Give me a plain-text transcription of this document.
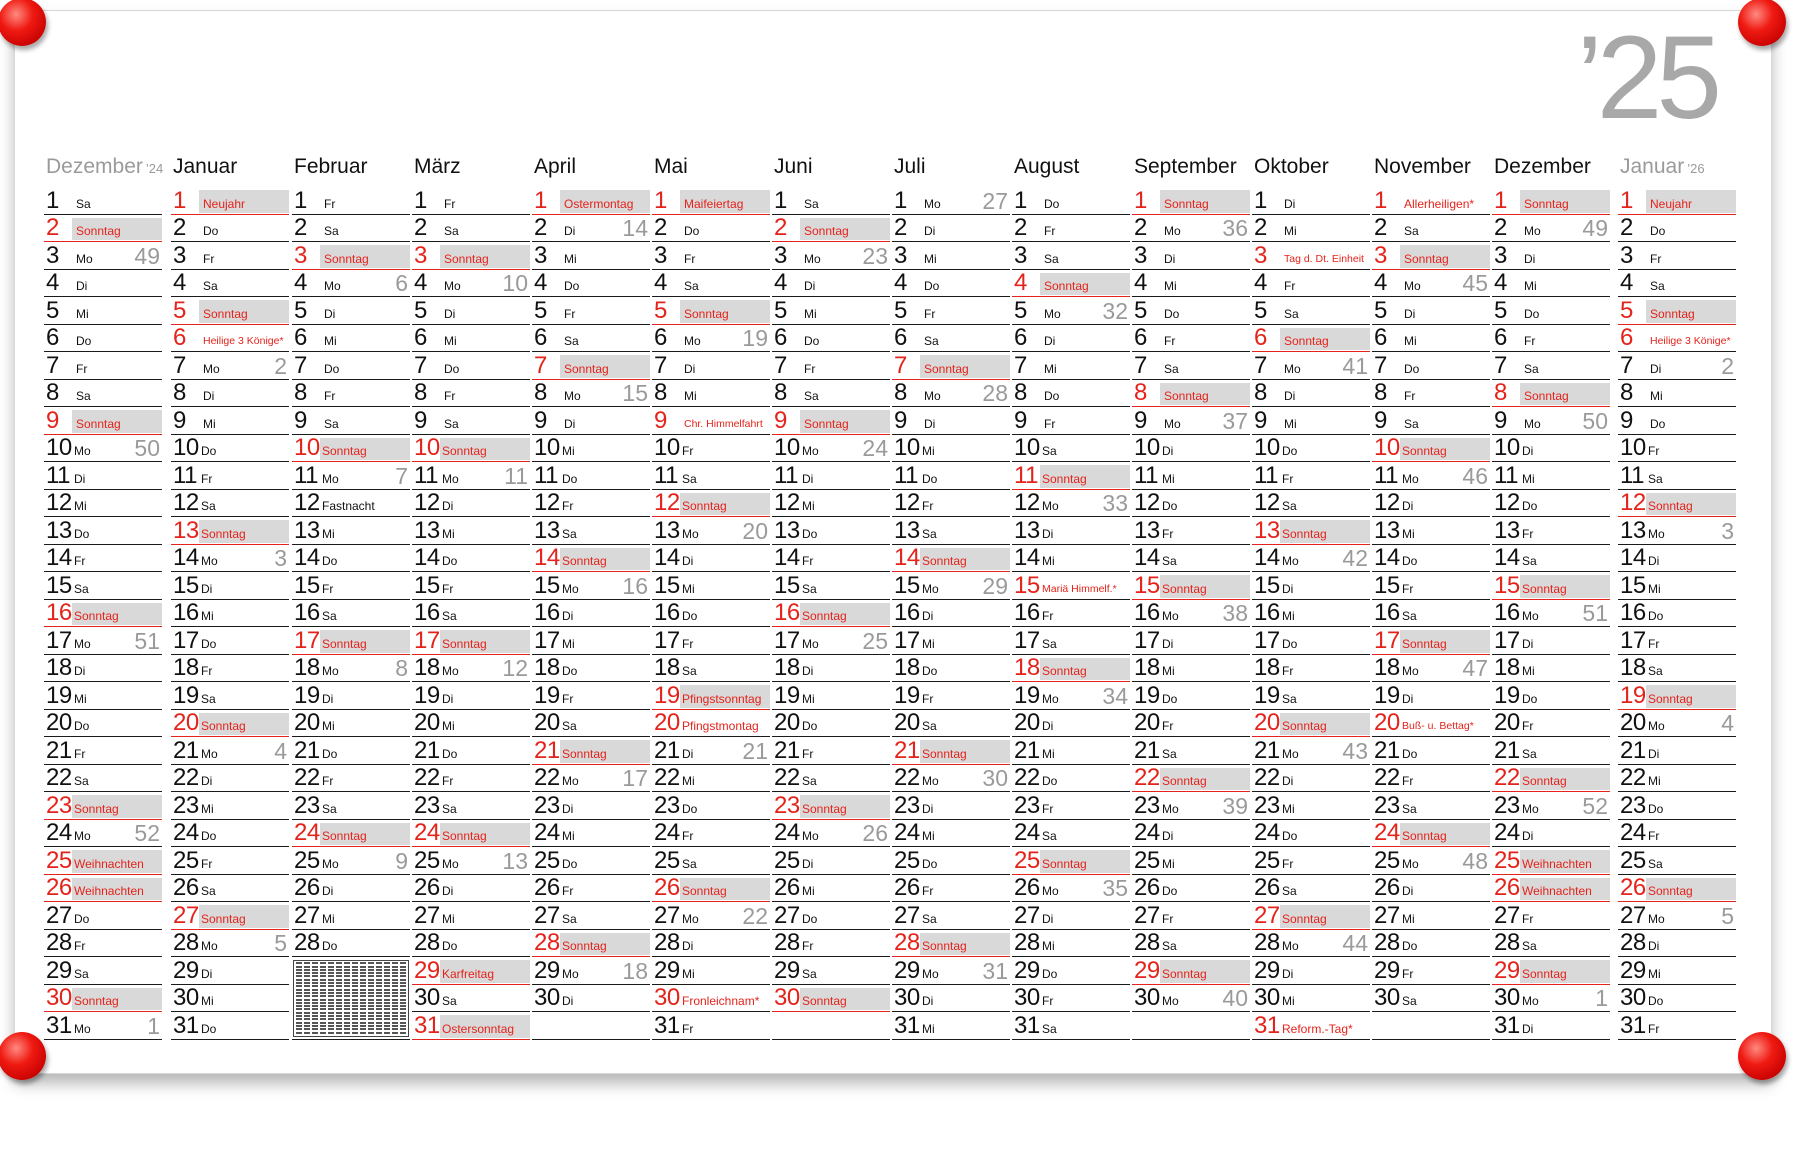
’25
Dezember ’24
1 Sa
2 Sonntag
3 Mo 49
4 Di
5 Mi
6 Do
7 Fr
8 Sa
9 Sonntag
10 Mo 50
11 Di
12 Mi
13 Do
14 Fr
15 Sa
16 Sonntag
17 Mo 51
18 Di
19 Mi
20 Do
21 Fr
22 Sa
23 Sonntag
24 Mo 52
25 Weihnachten
26 Weihnachten
27 Do
28 Fr
29 Sa
30 Sonntag
31 Mo 1
Januar
1 Neujahr
2 Do
3 Fr
4 Sa
5 Sonntag
6 Heilige 3 Könige*
7 Mo 2
8 Di
9 Mi
10 Do
11 Fr
12 Sa
13 Sonntag
14 Mo 3
15 Di
16 Mi
17 Do
18 Fr
19 Sa
20 Sonntag
21 Mo 4
22 Di
23 Mi
24 Do
25 Fr
26 Sa
27 Sonntag
28 Mo 5
29 Di
30 Mi
31 Do
Februar
1 Fr
2 Sa
3 Sonntag
4 Mo 6
5 Di
6 Mi
7 Do
8 Fr
9 Sa
10 Sonntag
11 Mo 7
12 Fastnacht
13 Mi
14 Do
15 Fr
16 Sa
17 Sonntag
18 Mo 8
19 Di
20 Mi
21 Do
22 Fr
23 Sa
24 Sonntag
25 Mo 9
26 Di
27 Mi
28 Do
März
1 Fr
2 Sa
3 Sonntag
4 Mo 10
5 Di
6 Mi
7 Do
8 Fr
9 Sa
10 Sonntag
11 Mo 11
12 Di
13 Mi
14 Do
15 Fr
16 Sa
17 Sonntag
18 Mo 12
19 Di
20 Mi
21 Do
22 Fr
23 Sa
24 Sonntag
25 Mo 13
26 Di
27 Mi
28 Do
29 Karfreitag
30 Sa
31 Ostersonntag
April
1 Ostermontag
2 Di 14
3 Mi
4 Do
5 Fr
6 Sa
7 Sonntag
8 Mo 15
9 Di
10 Mi
11 Do
12 Fr
13 Sa
14 Sonntag
15 Mo 16
16 Di
17 Mi
18 Do
19 Fr
20 Sa
21 Sonntag
22 Mo 17
23 Di
24 Mi
25 Do
26 Fr
27 Sa
28 Sonntag
29 Mo 18
30 Di
Mai
1 Maifeiertag
2 Do
3 Fr
4 Sa
5 Sonntag
6 Mo 19
7 Di
8 Mi
9 Chr. Himmelfahrt
10 Fr
11 Sa
12 Sonntag
13 Mo 20
14 Di
15 Mi
16 Do
17 Fr
18 Sa
19 Pfingstsonntag
20 Pfingstmontag
21 Di 21
22 Mi
23 Do
24 Fr
25 Sa
26 Sonntag
27 Mo 22
28 Di
29 Mi
30 Fronleichnam*
31 Fr
Juni
1 Sa
2 Sonntag
3 Mo 23
4 Di
5 Mi
6 Do
7 Fr
8 Sa
9 Sonntag
10 Mo 24
11 Di
12 Mi
13 Do
14 Fr
15 Sa
16 Sonntag
17 Mo 25
18 Di
19 Mi
20 Do
21 Fr
22 Sa
23 Sonntag
24 Mo 26
25 Di
26 Mi
27 Do
28 Fr
29 Sa
30 Sonntag
Juli
1 Mo 27
2 Di
3 Mi
4 Do
5 Fr
6 Sa
7 Sonntag
8 Mo 28
9 Di
10 Mi
11 Do
12 Fr
13 Sa
14 Sonntag
15 Mo 29
16 Di
17 Mi
18 Do
19 Fr
20 Sa
21 Sonntag
22 Mo 30
23 Di
24 Mi
25 Do
26 Fr
27 Sa
28 Sonntag
29 Mo 31
30 Di
31 Mi
August
1 Do
2 Fr
3 Sa
4 Sonntag
5 Mo 32
6 Di
7 Mi
8 Do
9 Fr
10 Sa
11 Sonntag
12 Mo 33
13 Di
14 Mi
15 Mariä Himmelf.*
16 Fr
17 Sa
18 Sonntag
19 Mo 34
20 Di
21 Mi
22 Do
23 Fr
24 Sa
25 Sonntag
26 Mo 35
27 Di
28 Mi
29 Do
30 Fr
31 Sa
September
1 Sonntag
2 Mo 36
3 Di
4 Mi
5 Do
6 Fr
7 Sa
8 Sonntag
9 Mo 37
10 Di
11 Mi
12 Do
13 Fr
14 Sa
15 Sonntag
16 Mo 38
17 Di
18 Mi
19 Do
20 Fr
21 Sa
22 Sonntag
23 Mo 39
24 Di
25 Mi
26 Do
27 Fr
28 Sa
29 Sonntag
30 Mo 40
Oktober
1 Di
2 Mi
3 Tag d. Dt. Einheit
4 Fr
5 Sa
6 Sonntag
7 Mo 41
8 Di
9 Mi
10 Do
11 Fr
12 Sa
13 Sonntag
14 Mo 42
15 Di
16 Mi
17 Do
18 Fr
19 Sa
20 Sonntag
21 Mo 43
22 Di
23 Mi
24 Do
25 Fr
26 Sa
27 Sonntag
28 Mo 44
29 Di
30 Mi
31 Reform.-Tag*
November
1 Allerheiligen*
2 Sa
3 Sonntag
4 Mo 45
5 Di
6 Mi
7 Do
8 Fr
9 Sa
10 Sonntag
11 Mo 46
12 Di
13 Mi
14 Do
15 Fr
16 Sa
17 Sonntag
18 Mo 47
19 Di
20 Buß- u. Bettag*
21 Do
22 Fr
23 Sa
24 Sonntag
25 Mo 48
26 Di
27 Mi
28 Do
29 Fr
30 Sa
Dezember
1 Sonntag
2 Mo 49
3 Di
4 Mi
5 Do
6 Fr
7 Sa
8 Sonntag
9 Mo 50
10 Di
11 Mi
12 Do
13 Fr
14 Sa
15 Sonntag
16 Mo 51
17 Di
18 Mi
19 Do
20 Fr
21 Sa
22 Sonntag
23 Mo 52
24 Di
25 Weihnachten
26 Weihnachten
27 Fr
28 Sa
29 Sonntag
30 Mo 1
31 Di
Januar ’26
1 Neujahr
2 Do
3 Fr
4 Sa
5 Sonntag
6 Heilige 3 Könige*
7 Di	2
8 Mi
9 Do
10 Fr
11 Sa
12 Sonntag
13 Mo 3
14 Di
15 Mi
16 Do
17 Fr
18 Sa
19 Sonntag
20 Mo 4
21 Di
22 Mi
23 Do
24 Fr
25 Sa
26 Sonntag
27 Mo 5
28 Di
29 Mi
30 Do
31 Fr
